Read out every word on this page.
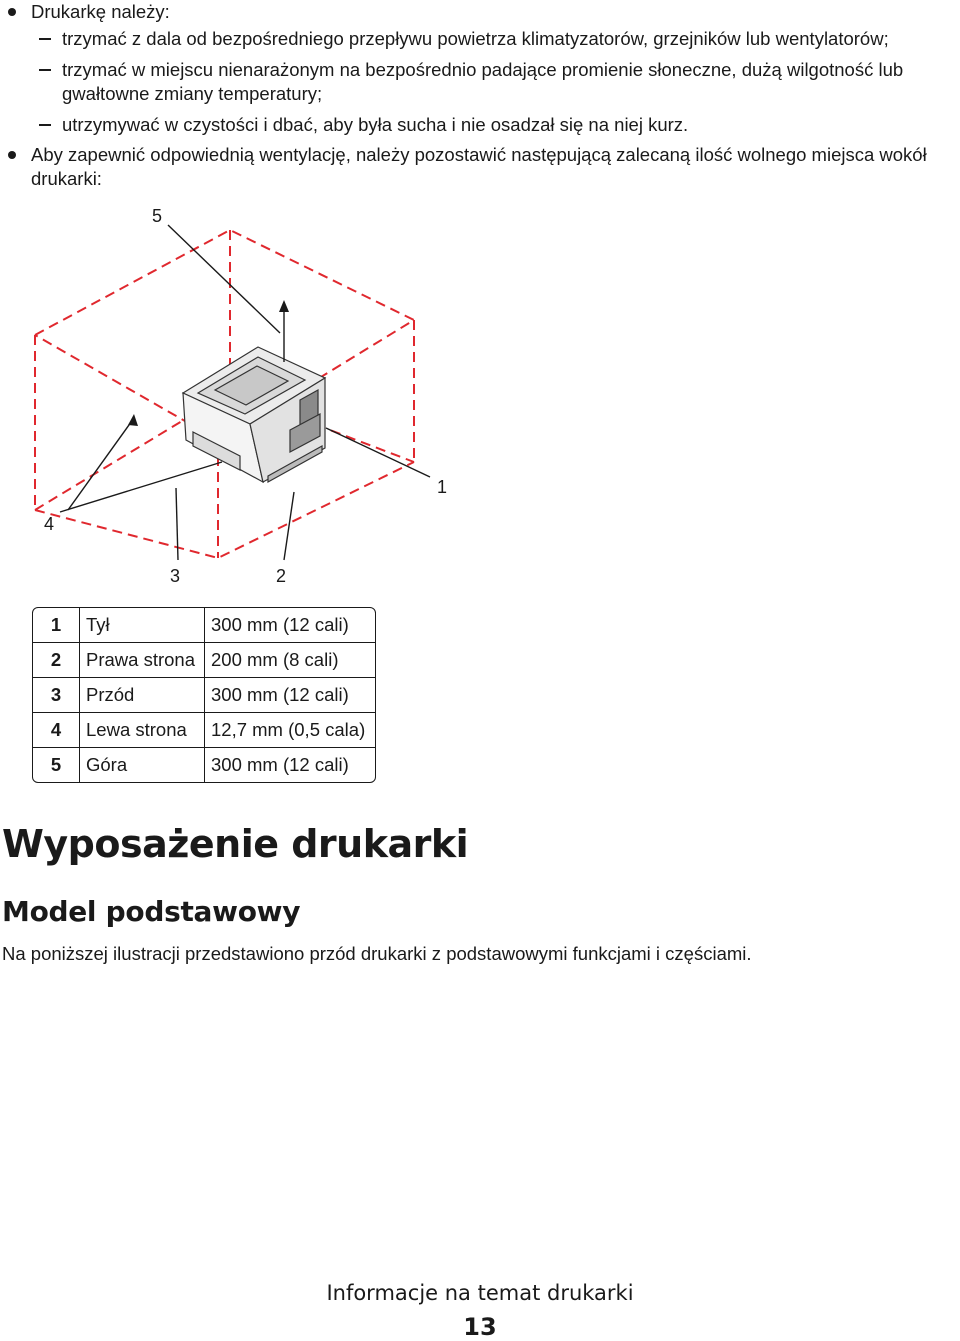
Drukarkę należy:
trzymać z dala od bezpośredniego przepływu powietrza klimatyzatorów, grzejników lub wentylatorów;
trzymać w miejscu nienarażonym na bezpośrednio padające promienie słoneczne, dużą wilgotność lub gwałtowne zmiany temperatury;
utrzymywać w czystości i dbać, aby była sucha i nie osadzał się na niej kurz.
Aby zapewnić odpowiednią wentylację, należy pozostawić następującą zalecaną ilość wolnego miejsca wokół drukarki:
5
1
4
3	2
1	Tył	300 mm (12 cali)
2	Prawa strona	200 mm (8 cali)
3	Przód	300 mm (12 cali)
4	Lewa strona	12,7 mm (0,5 cala)
5	Góra	300 mm (12 cali)
Wyposażenie drukarki
Model podstawowy
Na poniższej ilustracji przedstawiono przód drukarki z podstawowymi funkcjami i częściami.
Informacje na temat drukarki
13
